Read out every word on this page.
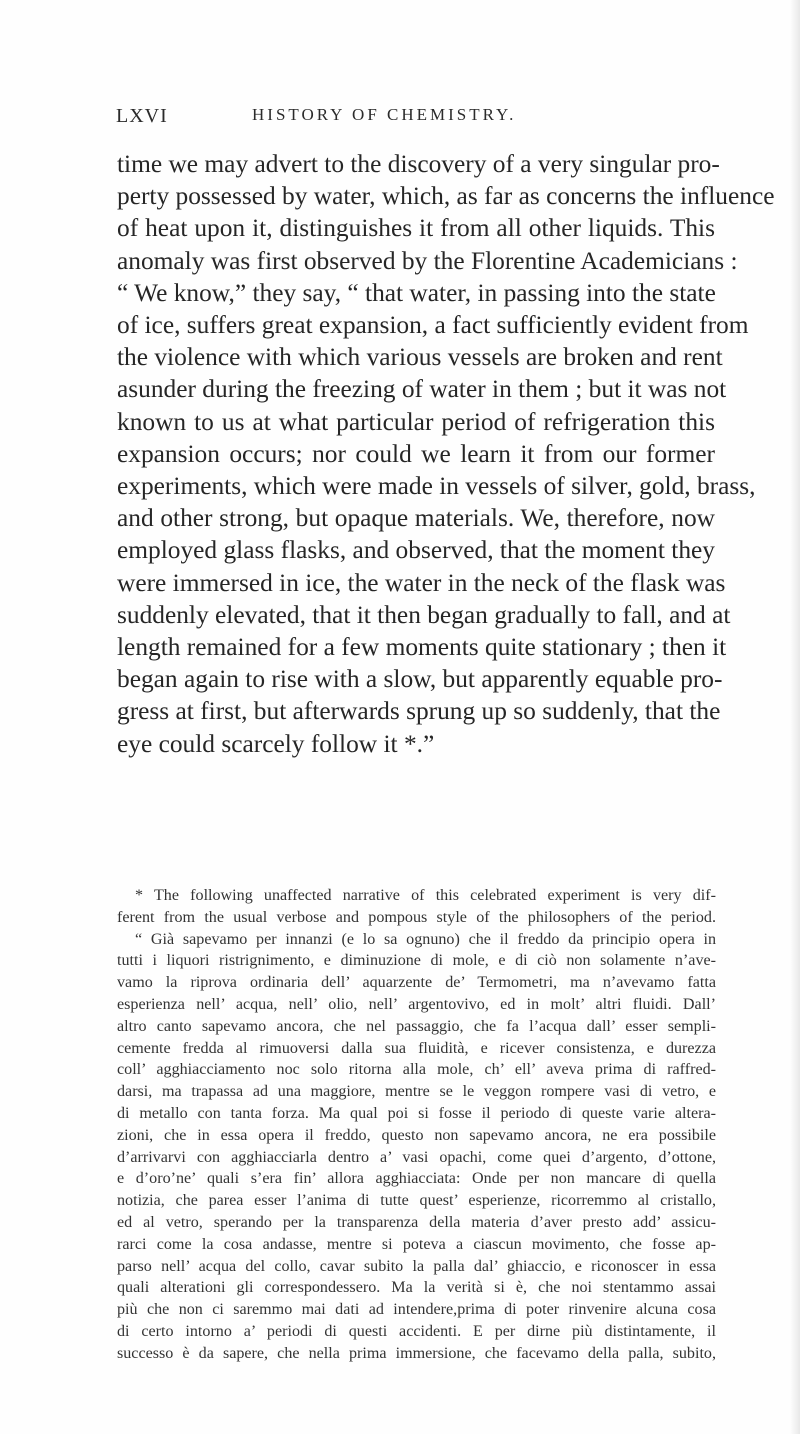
LXVI	HISTORY OF CHEMISTRY.
time we may advert to the discovery of a very singular pro-
perty possessed by water, which, as far as concerns the influence
of heat upon it, distinguishes it from all other liquids. This
anomaly was first observed by the Florentine Academicians :
“ We know,” they say, “ that water, in passing into the state
of ice, suffers great expansion, a fact sufficiently evident from
the violence with which various vessels are broken and rent
asunder during the freezing of water in them ; but it was not
known to us at what particular period of refrigeration this
expansion occurs; nor could we learn it from our former
experiments, which were made in vessels of silver, gold, brass,
and other strong, but opaque materials. We, therefore, now
employed glass flasks, and observed, that the moment they
were immersed in ice, the water in the neck of the flask was
suddenly elevated, that it then began gradually to fall, and at
length remained for a few moments quite stationary ; then it
began again to rise with a slow, but apparently equable pro-
gress at first, but afterwards sprung up so suddenly, that the
eye could scarcely follow it *.”
* The following unaffected narrative of this celebrated experiment is very dif-
ferent from the usual verbose and pompous style of the philosophers of the period.
“ Già sapevamo per innanzi (e lo sa ognuno) che il freddo da principio opera in
tutti i liquori ristrignimento, e diminuzione di mole, e di ciò non solamente n’ave-
vamo la riprova ordinaria dell’ aquarzente de’ Termometri, ma n’avevamo fatta
esperienza nell’ acqua, nell’ olio, nell’ argentovivo, ed in molt’ altri fluidi. Dall’
altro canto sapevamo ancora, che nel passaggio, che fa l’acqua dall’ esser sempli-
cemente fredda al rimuoversi dalla sua fluidità, e ricever consistenza, e durezza
coll’ agghiacciamento noc solo ritorna alla mole, ch’ ell’ aveva prima di raffred-
darsi, ma trapassa ad una maggiore, mentre se le veggon rompere vasi di vetro, e
di metallo con tanta forza. Ma qual poi si fosse il periodo di queste varie altera-
zioni, che in essa opera il freddo, questo non sapevamo ancora, ne era possibile
d’arrivarvi con agghiacciarla dentro a’ vasi opachi, come quei d’argento, d’ottone,
e d’oro’ne’ quali s’era fin’ allora agghiacciata: Onde per non mancare di quella
notizia, che parea esser l’anima di tutte quest’ esperienze, ricorremmo al cristallo,
ed al vetro, sperando per la transparenza della materia d’aver presto add’ assicu-
rarci come la cosa andasse, mentre si poteva a ciascun movimento, che fosse ap-
parso nell’ acqua del collo, cavar subito la palla dal’ ghiaccio, e riconoscer in essa
quali alterationi gli correspondessero. Ma la verità si è, che noi stentammo assai
più che non ci saremmo mai dati ad intendere,prima di poter rinvenire alcuna cosa
di certo intorno a’ periodi di questi accidenti. E per dirne più distintamente, il
successo è da sapere, che nella prima immersione, che facevamo della palla, subito,
